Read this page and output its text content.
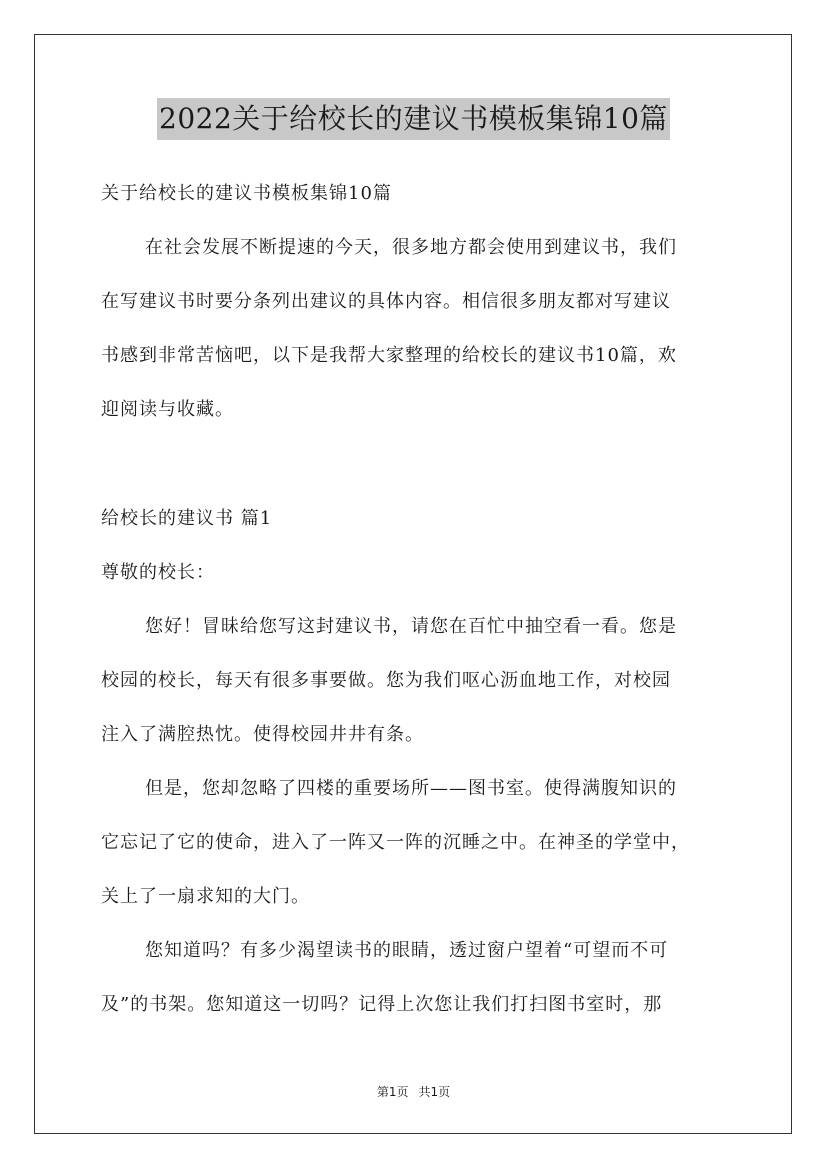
2022关于给校长的建议书模板集锦10篇
关于给校长的建议书模板集锦10篇
在社会发展不断提速的今天，很多地方都会使用到建议书，我们
在写建议书时要分条列出建议的具体内容。相信很多朋友都对写建议
书感到非常苦恼吧，以下是我帮大家整理的给校长的建议书10篇，欢
迎阅读与收藏。
给校长的建议书 篇1
尊敬的校长：
您好！冒昧给您写这封建议书，请您在百忙中抽空看一看。您是
校园的校长，每天有很多事要做。您为我们呕心沥血地工作，对校园
注入了满腔热忱。使得校园井井有条。
但是，您却忽略了四楼的重要场所——图书室。使得满腹知识的
它忘记了它的使命，进入了一阵又一阵的沉睡之中。在神圣的学堂中，
关上了一扇求知的大门。
您知道吗？有多少渴望读书的眼睛，透过窗户望着“可望而不可
及”的书架。您知道这一切吗？记得上次您让我们打扫图书室时，那
第1页 共1页
